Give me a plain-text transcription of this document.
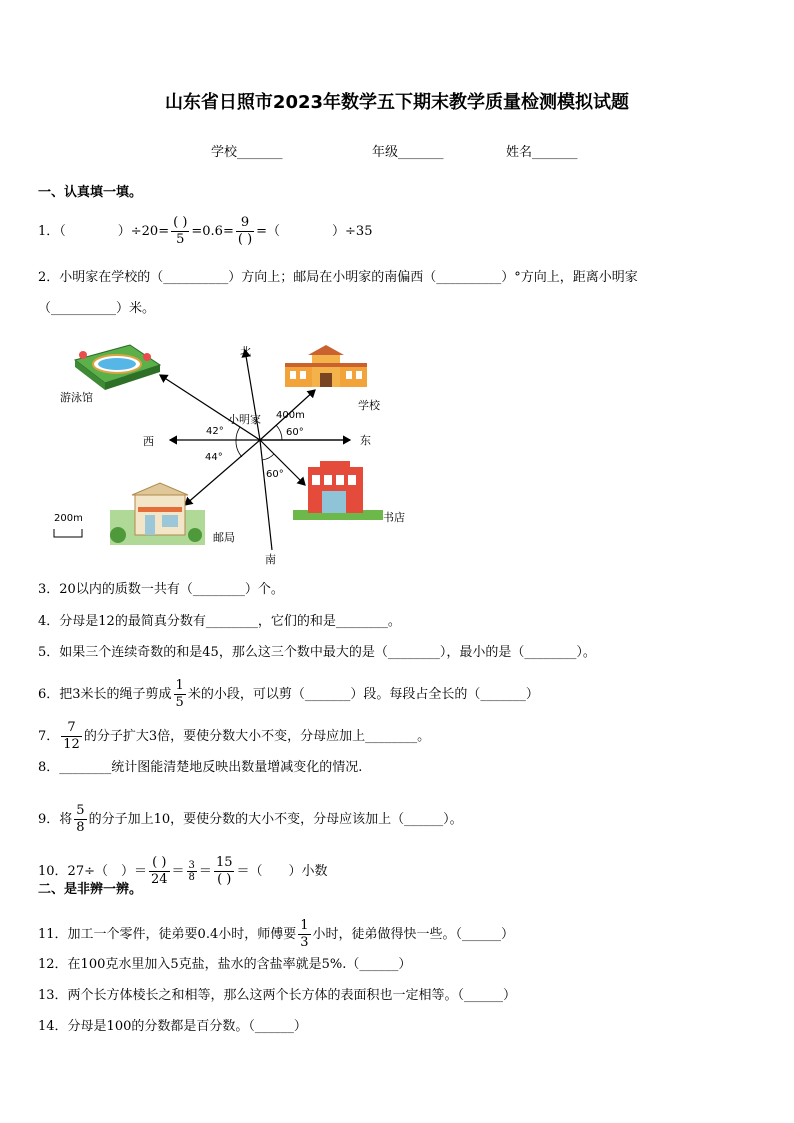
山东省日照市2023年数学五下期末教学质量检测模拟试题
学校_______	年级_______	姓名_______
一、认真填一填。
1．（　　　　）$\div 20= \frac{( )}{5} =0.6= \frac{9}{( )}$ =（　　　　）÷35
2．小明家在学校的（__________）方向上；邮局在小明家的南偏西（__________）°方向上，距离小明家
（__________）米。
北
南
东
西
小明家
游泳馆
学校
邮局
书店
400m
42°
44°
60°
60°
200m
3．20以内的质数一共有（________）个。
4．分母是12的最简真分数有________，它们的和是________。
5．如果三个连续奇数的和是45，那么这三个数中最大的是（________），最小的是（________）。
6．把3米长的绳子剪成 $\frac{1}{5}$ 米的小段，可以剪（_______）段。每段占全长的（_______）
7． $\frac{7}{12}$ 的分子扩大3倍，要使分数大小不变，分母应加上________。
8．________统计图能清楚地反映出数量增减变化的情况.
9．将 $\frac{5}{8}$ 的分子加上10，要使分数的大小不变，分母应该加上（______）。
10．27÷（　）＝ $\frac{( )}{24} = \frac{3}{8} = \frac{15}{( )}$ ＝（　　）小数
二、是非辨一辨。
11．加工一个零件，徒弟要0.4小时，师傅要 $\frac{1}{3}$ 小时，徒弟做得快一些。（______）
12．在100克水里加入5克盐，盐水的含盐率就是5%.（______）
13．两个长方体棱长之和相等，那么这两个长方体的表面积也一定相等。（______）
14．分母是100的分数都是百分数。（______）
